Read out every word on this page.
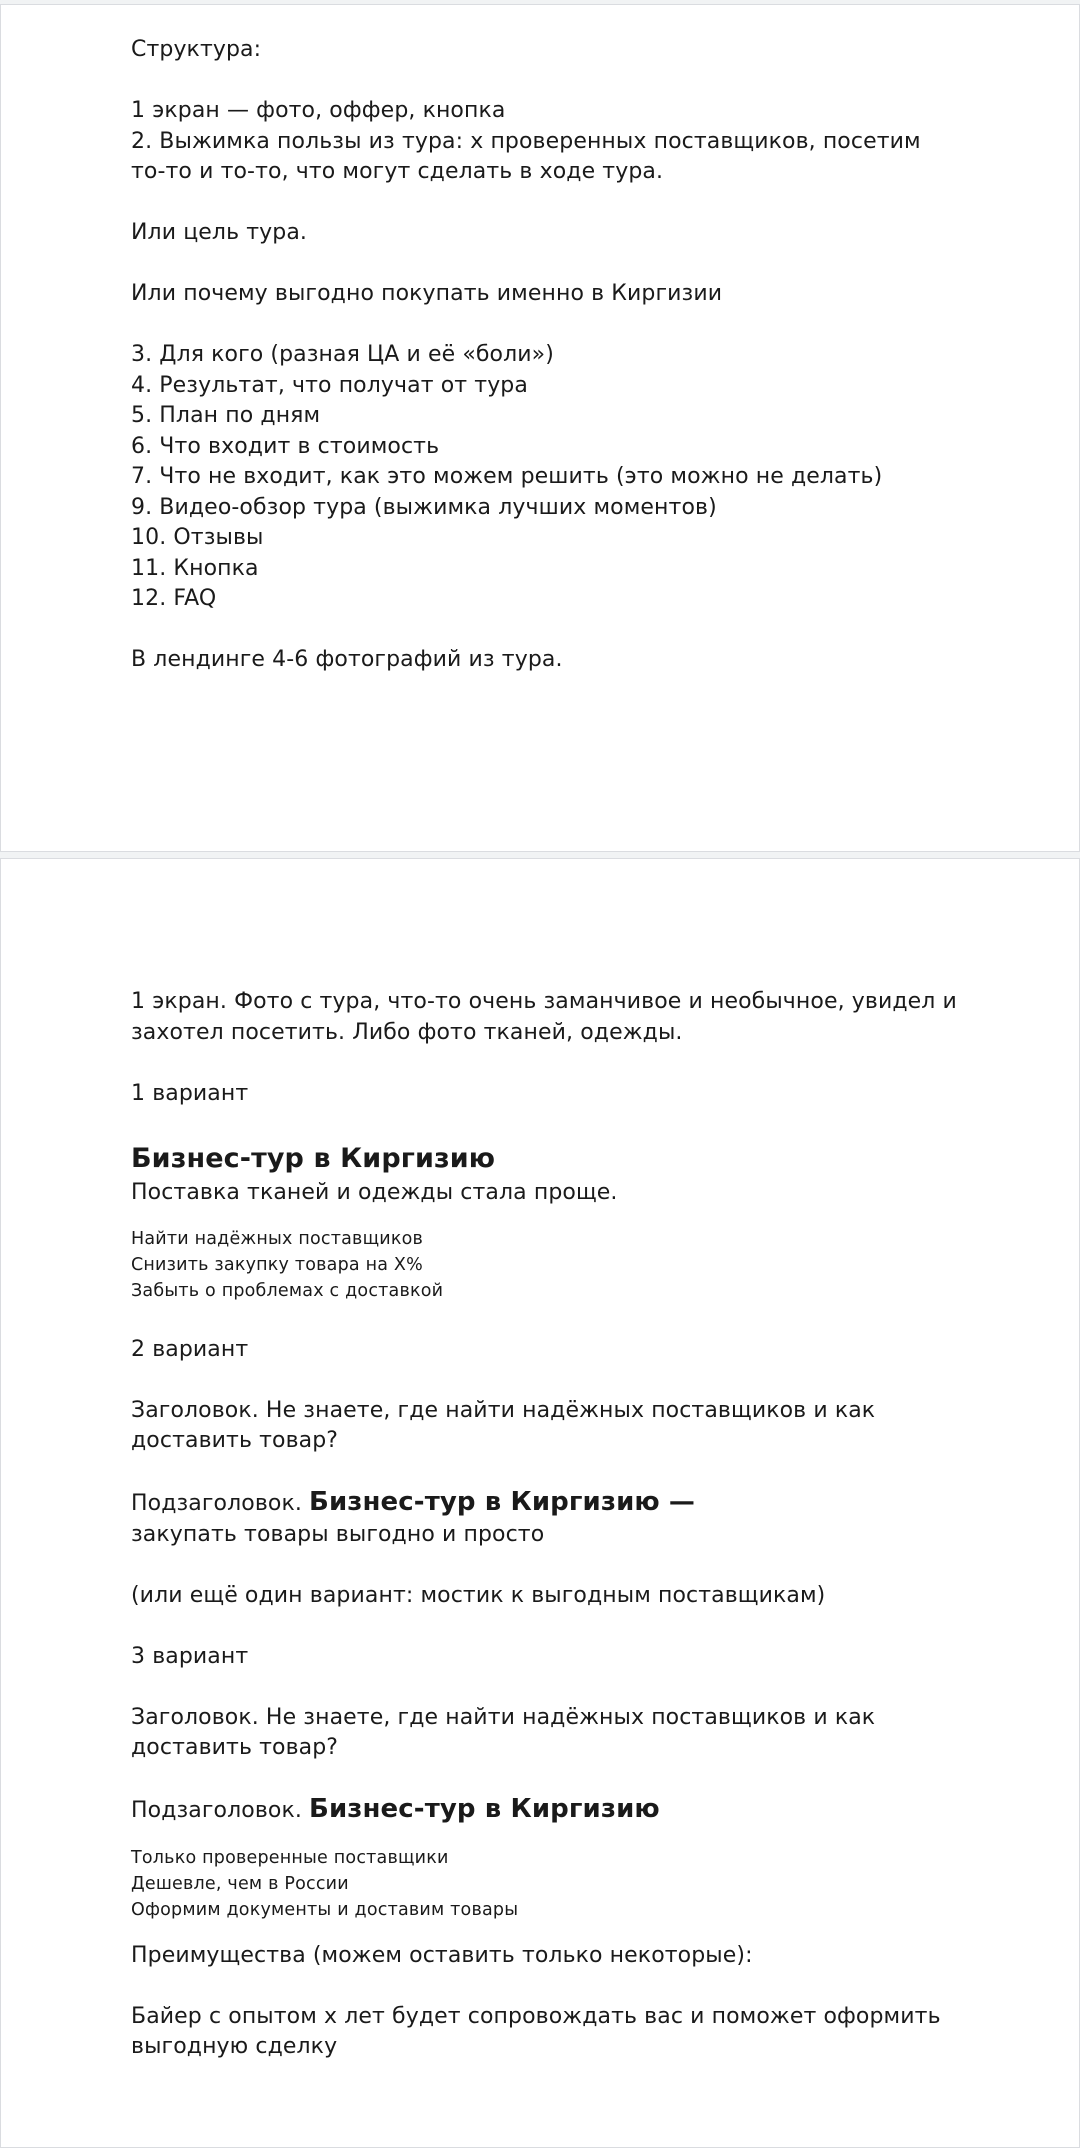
Структура:

1 экран — фото, оффер, кнопка

2. Выжимка пользы из тура: x проверенных поставщиков, посетим то-то и то-то, что могут сделать в ходе тура.

Или цель тура.

Или почему выгодно покупать именно в Киргизии

3. Для кого (разная ЦА и её «боли»)

4. Результат, что получат от тура

5. План по дням

6. Что входит в стоимость

7. Что не входит, как это можем решить (это можно не делать)

9. Видео-обзор тура (выжимка лучших моментов)

10. Отзывы

11. Кнопка

12. FAQ

В лендинге 4-6 фотографий из тура.

1 экран. Фото с тура, что-то очень заманчивое и необычное, увидел и захотел посетить. Либо фото тканей, одежды.

1 вариант

Бизнес-тур в Киргизию

Поставка тканей и одежды стала проще.

Найти надёжных поставщиков

Снизить закупку товара на X%

Забыть о проблемах с доставкой

2 вариант

Заголовок. Не знаете, где найти надёжных поставщиков и как доставить товар?

Подзаголовок. Бизнес-тур в Киргизию —

закупать товары выгодно и просто

(или ещё один вариант: мостик к выгодным поставщикам)

3 вариант

Заголовок. Не знаете, где найти надёжных поставщиков и как доставить товар?

Подзаголовок. Бизнес-тур в Киргизию

Только проверенные поставщики

Дешевле, чем в России

Оформим документы и доставим товары

Преимущества (можем оставить только некоторые):

Байер с опытом x лет будет сопровождать вас и поможет оформить выгодную сделку
